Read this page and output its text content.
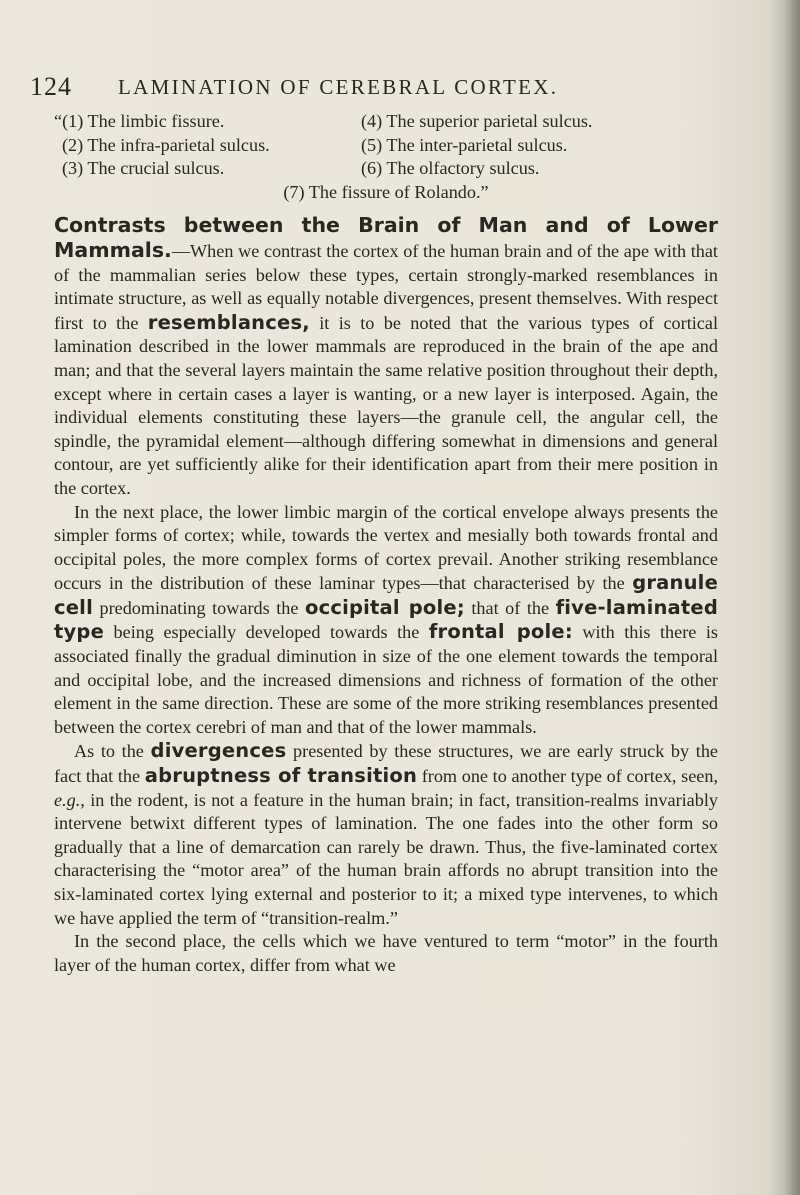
124 LAMINATION OF CEREBRAL CORTEX.
“(1) The limbic fissure.	(4) The superior parietal sulcus.
(2) The infra-parietal sulcus.	(5) The inter-parietal sulcus.
(3) The crucial sulcus.	(6) The olfactory sulcus.
(7) The fissure of Rolando.”

Contrasts between the Brain of Man and of Lower Mammals.—When we contrast the cortex of the human brain and of the ape with that of the mammalian series below these types, certain strongly-marked resemblances in intimate structure, as well as equally notable divergences, present themselves. With respect first to the resemblances, it is to be noted that the various types of cortical lamination described in the lower mammals are reproduced in the brain of the ape and man; and that the several layers maintain the same relative position throughout their depth, except where in certain cases a layer is wanting, or a new layer is interposed. Again, the individual elements constituting these layers—the granule cell, the angular cell, the spindle, the pyramidal element—although differing somewhat in dimensions and general contour, are yet sufficiently alike for their identification apart from their mere position in the cortex.

In the next place, the lower limbic margin of the cortical envelope always presents the simpler forms of cortex; while, towards the vertex and mesially both towards frontal and occipital poles, the more complex forms of cortex prevail. Another striking resemblance occurs in the distribution of these laminar types—that characterised by the granule cell predominating towards the occipital pole; that of the five-laminated type being especially developed towards the frontal pole: with this there is associated finally the gradual diminution in size of the one element towards the temporal and occipital lobe, and the increased dimensions and richness of formation of the other element in the same direction. These are some of the more striking resemblances presented between the cortex cerebri of man and that of the lower mammals.

As to the divergences presented by these structures, we are early struck by the fact that the abruptness of transition from one to another type of cortex, seen, e.g., in the rodent, is not a feature in the human brain; in fact, transition-realms invariably intervene betwixt different types of lamination. The one fades into the other form so gradually that a line of demarcation can rarely be drawn. Thus, the five-laminated cortex characterising the “motor area” of the human brain affords no abrupt transition into the six-laminated cortex lying external and posterior to it; a mixed type intervenes, to which we have applied the term of “transition-realm.”

In the second place, the cells which we have ventured to term “motor” in the fourth layer of the human cortex, differ from what we
